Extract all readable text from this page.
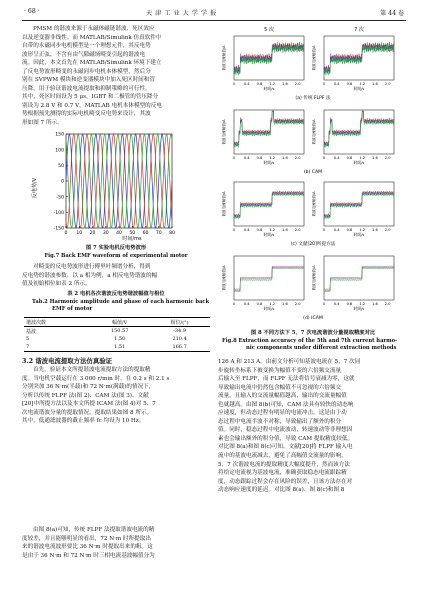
· 68 ·	天 津 工 业 大 学 学 报	第 44 卷
PMSM 的谐波来源于永磁体磁链谐波、死区效应
以及逆变器非线性。而 MATLAB/Simulink 仿真软件中
自带的永磁同步电机模型是一个理想元件，其反电势
波形呈正弦，不含有由气隙磁场畸变引起的谐波电
流。因此，本文首先在 MATLAB/Simulink 环境下建立
了反电势波形畸变的永磁同步电机本体模型，然后分
别在 SVPWM 模块和逆变器模块中加入死区时间和管
压降，用于验证谐波电流提取和抑制策略的可行性。
其中，死区时间设为 5 μs，IGBT 和二极管的管压降分
别设为 2.8 V 和 0.7 V，MATLAB 电机本体模型的反电
势根据预先测得的实际电机畸变反电势来设计，其波
形如图 7 所示。
150
100
50
0
-50
-100
-150
0 10 20 30 40 50 60 70 80
反电势/V
时间/ms
图 7 实验电机反电势波形
Fig.7 Back EMF waveform of experimental motor
对畸变的反电势波形进行傅里叶频谱分析，得到
反电势的谐波参数。以 a 相为例，a 相反电势谐波的幅
值及初始相位如表 2 所示。
表 2 电机各次谐波反电势谐波幅值与相位
Tab.2 Harmonic amplitude and phase of each harmonic back
EMF of motor
谐波次数	幅值/V	相位/(°)
基波	150.57	-34.9
5	1.50	210.4
7	1.51	166.7
3.2 谐波电流提取方法仿真验证
首先，验证本文所提谐波电流提取方法的提取精
度。当电机空载运行在 3 000 r/min 时，在 0.2 s 和 2.1 s
分别突加 36 N·m(半载)和 72 N·m(满载)的情况下，
分析以传统 FLPF 法(图 2)、CAM 法(图 3)、文献
[20]中所提方法以及本文所提 ICAM 法(图 4)对 5、7
次电流谐波分量的提取情况，提取结果如图 8 所示。
其中，低通滤波器的截止频率 fc 均设为 10 Hz。
由图 8(a)可知，传统 FLPF 法提取谐波电流的精
度较差，并且能够明显的看出，72 N·m 时所提取出
来的谐波电流波形要比 36 N·m 时提取出来的粗。这
是由于 36 N·m 和 72 N·m 时三相电流基波幅值分为
5 次	7 次
谐波电流幅值/A
0 0.4 0.8 1.2 1.6 2.0
时间/s
谐波电流幅值/A
0 0.4 0.8 1.2 1.6 2.0
时间/s
(a) 传统 FLPF 法
谐波电流幅值/A
0 0.4 0.8 1.2 1.6 2.0
时间/s
谐波电流幅值/A
0 0.4 0.8 1.2 1.6 2.0
时间/s
(b) CAM
谐波电流幅值/A
0 0.4 0.8 1.2 1.6 2.0
时间/s
谐波电流幅值/A
0 0.4 0.8 1.2 1.6 2.0
时间/s
(c) 文献[20]所提方法
谐波电流幅值/A
0 0.4 0.8 1.2 1.6 2.0
时间/s
谐波电流幅值/A
0 0.4 0.8 1.2 1.6 2.0
时间/s
(d) ICAM
图 8 不同方法下 5、7 次电流谐波分量提取精度对比
Fig.8 Extraction accuracy of the 5th and 7th current harmo-
nic components under different extraction methods
126 A 和 213 A，由前文分析可知基波电流在 5、7 次同
步旋转坐标系下被变换为幅值不变的六倍频交流量
后输入至 FLPF，而 FLPF 无法将信号衰减为零，这就
导致输出电流中仍然包含幅值不可忽视的六倍频交
流量，且输入的交流量幅值越高，输出的交流量幅值
也就越高。由图 8(b)可知，CAM 法具有较快的动态响
应速度，但动态过程有明显的电流冲击，这是由于动
态过程中电流半波不对称，导致输出了额外的积分
值。同时，稳态过程中电流波动，转速波动等非理想因
素也会输出额外的积分值，导致 CAM 提取精度较低。
对比图 8(a)和图 8(c)可知，文献[20]将 FLPF 输入电
流中的基波电流减去，避免了高幅值交流量的影响，
5、7 次谐波电流的提取精度大幅度提升，然而该方法
将给定电流视为基波电流，准确获取稳态电流跟踪精
度，动态跟踪过程会存在风险的误差，且该方法存在对
动态响应速度的延迟。对比图 8(a)、图 8(c)和图 8
